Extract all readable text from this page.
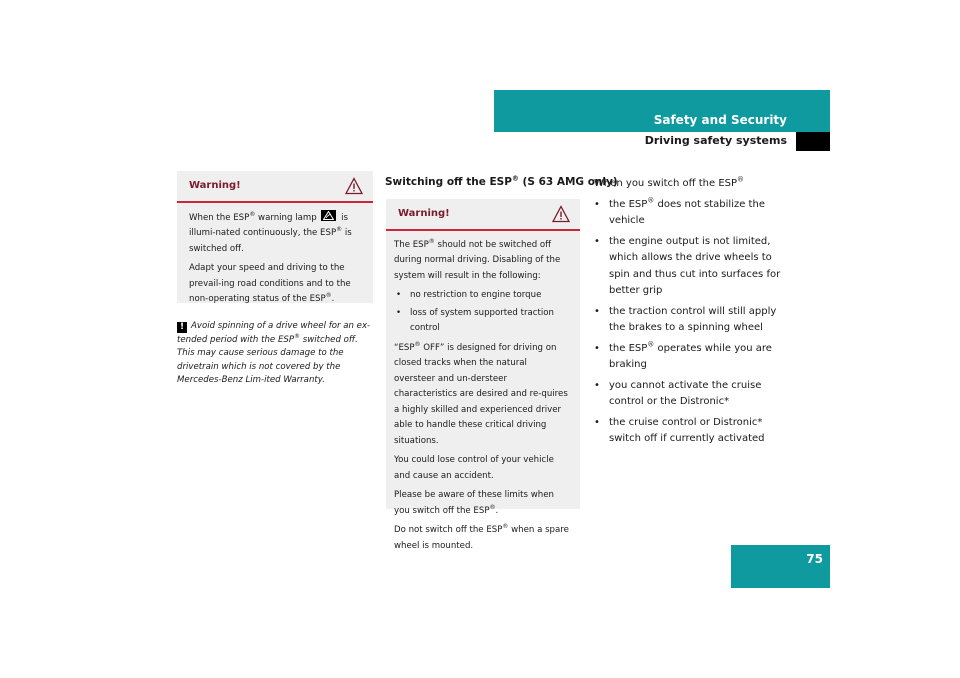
Safety and Security
Driving safety systems
Warning!

When the ESP® warning lamp	is illumi-nated continuously, the ESP® is switched off.

Adapt your speed and driving to the prevail-ing road conditions and to the non-operating status of the ESP®.

! Avoid spinning of a drive wheel for an ex-tended period with the ESP® switched off. This may cause serious damage to the drivetrain which is not covered by the Mercedes-Benz Lim-ited Warranty.
Switching off the ESP® (S 63 AMG only)
Warning!

The ESP® should not be switched off during normal driving. Disabling of the system will result in the following:

• no restriction to engine torque
• loss of system supported traction control

“ESP® OFF” is designed for driving on closed tracks when the natural oversteer and un-dersteer characteristics are desired and re-quires a highly skilled and experienced driver able to handle these critical driving situations.

You could lose control of your vehicle and cause an accident.

Please be aware of these limits when you switch off the ESP®.

Do not switch off the ESP® when a spare wheel is mounted.

When you switch off the ESP®

• the ESP® does not stabilize the vehicle
• the engine output is not limited, which allows the drive wheels to spin and thus cut into surfaces for better grip
• the traction control will still apply the brakes to a spinning wheel
• the ESP® operates while you are braking
• you cannot activate the cruise control or the Distronic*
• the cruise control or Distronic* switch off if currently activated
75
